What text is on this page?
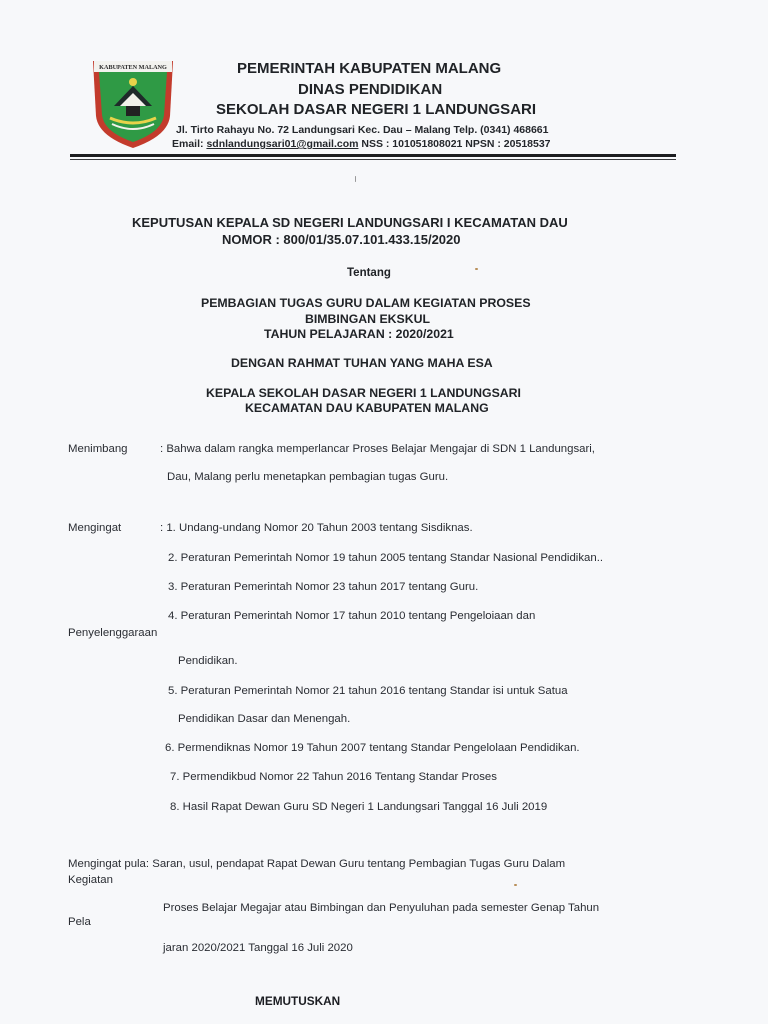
KABUPATEN MALANG	PEMERINTAH KABUPATEN MALANG
DINAS PENDIDIKAN
SEKOLAH DASAR NEGERI 1 LANDUNGSARI
Jl. Tirto Rahayu No. 72 Landungsari Kec. Dau – Malang Telp. (0341) 468661
Email: sdnlandungsari01@gmail.com NSS : 101051808021 NPSN : 20518537
KEPUTUSAN KEPALA SD NEGERI LANDUNGSARI I KECAMATAN DAU
NOMOR : 800/01/35.07.101.433.15/2020
Tentang
PEMBAGIAN TUGAS GURU DALAM KEGIATAN PROSES
BIMBINGAN EKSKUL
TAHUN PELAJARAN : 2020/2021
DENGAN RAHMAT TUHAN YANG MAHA ESA
KEPALA SEKOLAH DASAR NEGERI 1 LANDUNGSARI
KECAMATAN DAU KABUPATEN MALANG
Menimbang	: Bahwa dalam rangka memperlancar Proses Belajar Mengajar di SDN 1 Landungsari,
Dau, Malang perlu menetapkan pembagian tugas Guru.
Mengingat	: 1. Undang-undang Nomor 20 Tahun 2003 tentang Sisdiknas.
2. Peraturan Pemerintah Nomor 19 tahun 2005 tentang Standar Nasional Pendidikan..
3. Peraturan Pemerintah Nomor 23 tahun 2017 tentang Guru.
4. Peraturan Pemerintah Nomor 17 tahun 2010 tentang Pengeloiaan dan
Penyelenggaraan
Pendidikan.
5. Peraturan Pemerintah Nomor 21 tahun 2016 tentang Standar isi untuk Satua
Pendidikan Dasar dan Menengah.
6. Permendiknas Nomor 19 Tahun 2007 tentang Standar Pengelolaan Pendidikan.
7. Permendikbud Nomor 22 Tahun 2016 Tentang Standar Proses
8. Hasil Rapat Dewan Guru SD Negeri 1 Landungsari Tanggal 16 Juli 2019
Mengingat pula: Saran, usul, pendapat Rapat Dewan Guru tentang Pembagian Tugas Guru Dalam
Kegiatan
Proses Belajar Megajar atau Bimbingan dan Penyuluhan pada semester Genap Tahun
Pela
jaran 2020/2021 Tanggal 16 Juli 2020
MEMUTUSKAN
